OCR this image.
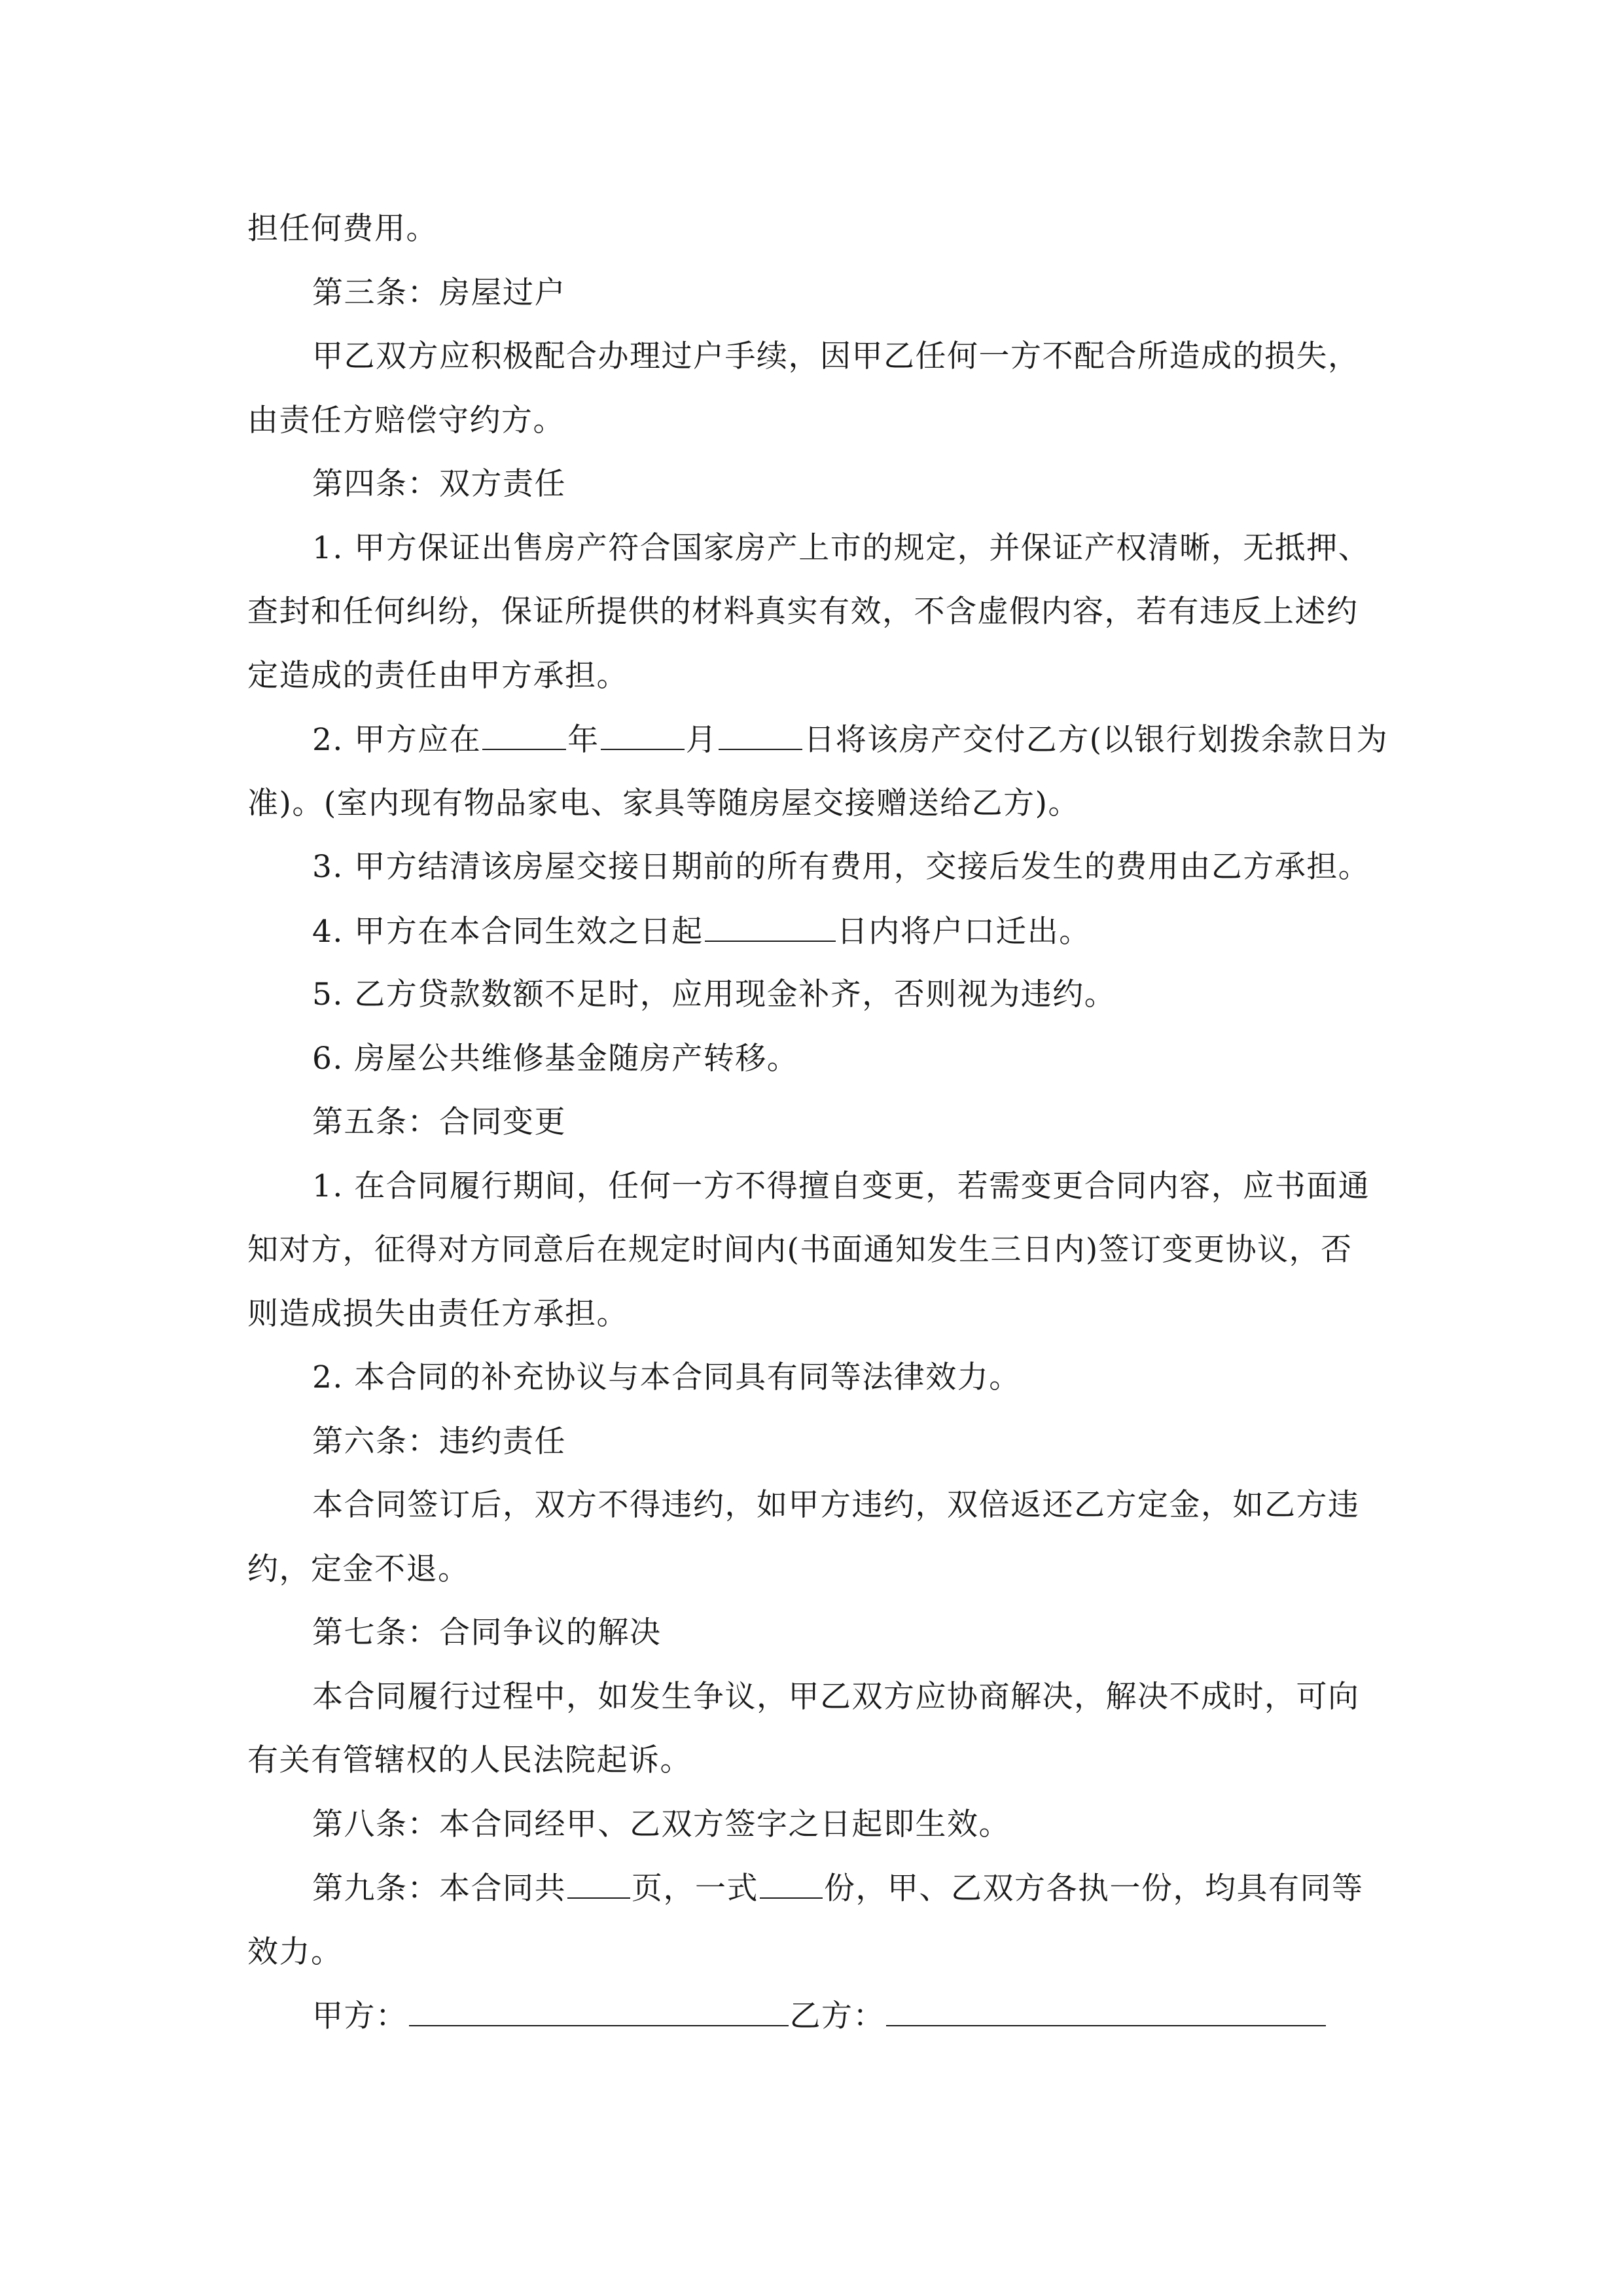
担任何费用。
第三条：房屋过户
甲乙双方应积极配合办理过户手续，因甲乙任何一方不配合所造成的损失，
由责任方赔偿守约方。
第四条：双方责任
1. 甲方保证出售房产符合国家房产上市的规定，并保证产权清晰，无抵押、
查封和任何纠纷，保证所提供的材料真实有效，不含虚假内容，若有违反上述约
定造成的责任由甲方承担。
2. 甲方应在	年	月	日将该房产交付乙方(以银行划拨余款日为
准)。(室内现有物品家电、家具等随房屋交接赠送给乙方)。
3. 甲方结清该房屋交接日期前的所有费用，交接后发生的费用由乙方承担。
4. 甲方在本合同生效之日起	日内将户口迁出。
5. 乙方贷款数额不足时，应用现金补齐，否则视为违约。
6. 房屋公共维修基金随房产转移。
第五条：合同变更
1. 在合同履行期间，任何一方不得擅自变更，若需变更合同内容，应书面通
知对方，征得对方同意后在规定时间内(书面通知发生三日内)签订变更协议，否
则造成损失由责任方承担。
2. 本合同的补充协议与本合同具有同等法律效力。
第六条：违约责任
本合同签订后，双方不得违约，如甲方违约，双倍返还乙方定金，如乙方违
约，定金不退。
第七条：合同争议的解决
本合同履行过程中，如发生争议，甲乙双方应协商解决，解决不成时，可向
有关有管辖权的人民法院起诉。
第八条：本合同经甲、乙双方签字之日起即生效。
第九条：本合同共 页，一式 份，甲、乙双方各执一份，均具有同等
效力。
甲方：	乙方：
